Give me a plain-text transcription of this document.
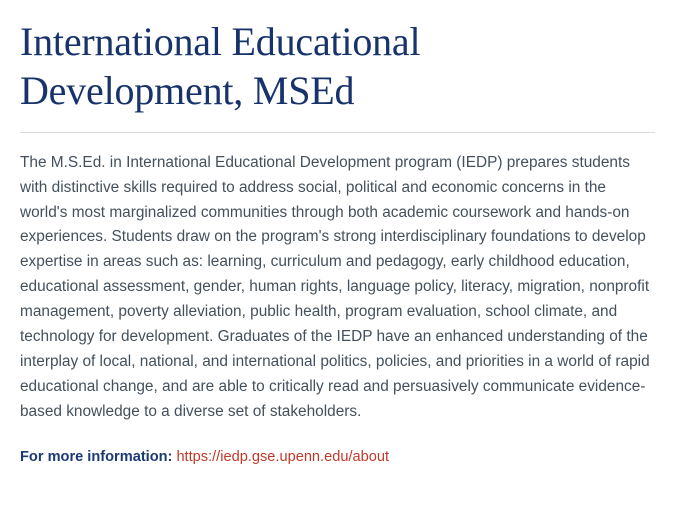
International Educational Development, MSEd

The M.S.Ed. in International Educational Development program (IEDP) prepares students with distinctive skills required to address social, political and economic concerns in the world's most marginalized communities through both academic coursework and hands-on experiences. Students draw on the program's strong interdisciplinary foundations to develop expertise in areas such as: learning, curriculum and pedagogy, early childhood education, educational assessment, gender, human rights, language policy, literacy, migration, nonprofit management, poverty alleviation, public health, program evaluation, school climate, and technology for development. Graduates of the IEDP have an enhanced understanding of the interplay of local, national, and international politics, policies, and priorities in a world of rapid educational change, and are able to critically read and persuasively communicate evidence-based knowledge to a diverse set of stakeholders.

For more information: https://iedp.gse.upenn.edu/about
